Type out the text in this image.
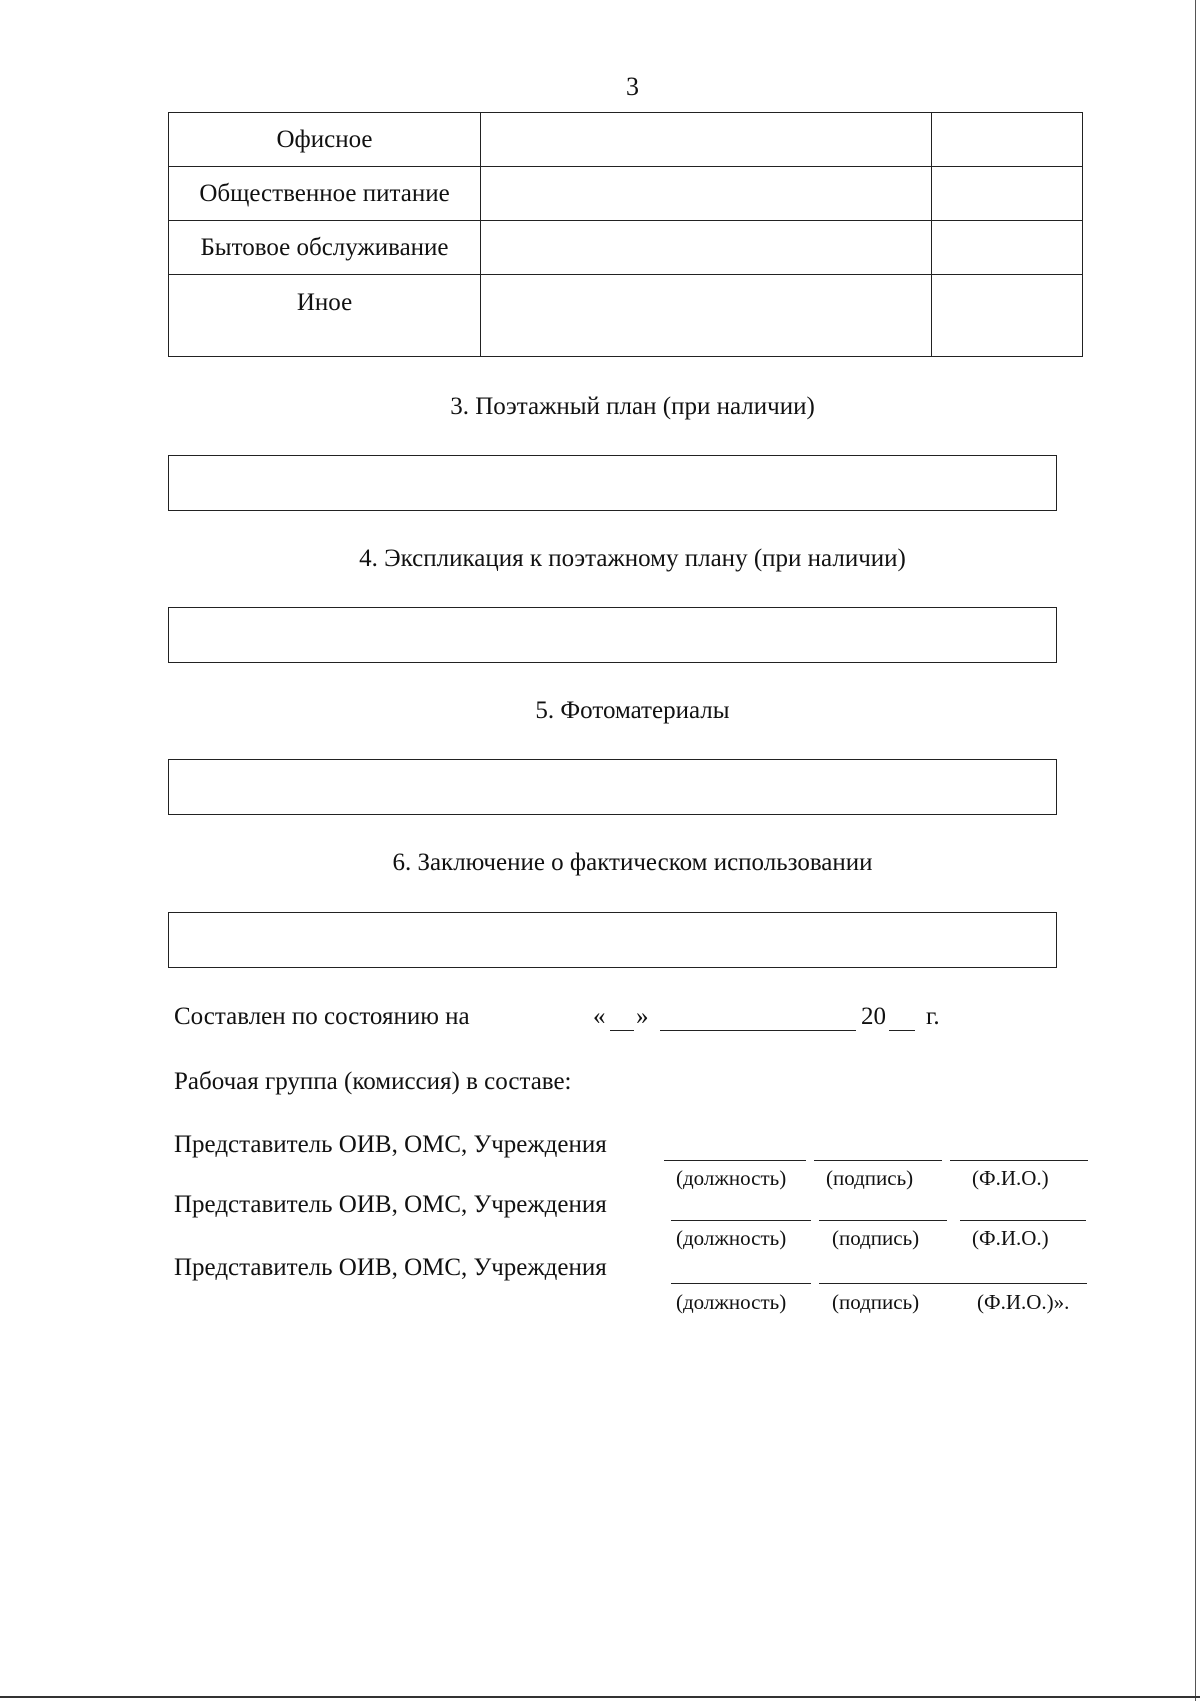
3
Офисное		
Общественное питание		
Бытовое обслуживание		
Иное		
3. Поэтажный план (при наличии)
4. Экспликация к поэтажному плану (при наличии)
5. Фотоматериалы
6. Заключение о фактическом использовании
Составлен по состоянию на	« »	20 г.
Рабочая группа (комиссия) в составе:
Представитель ОИВ, ОМС, Учреждения
(должность) (подпись)	(Ф.И.О.)
Представитель ОИВ, ОМС, Учреждения
(должность) (подпись)	(Ф.И.О.)
Представитель ОИВ, ОМС, Учреждения
(должность) (подпись)	(Ф.И.О.)».
